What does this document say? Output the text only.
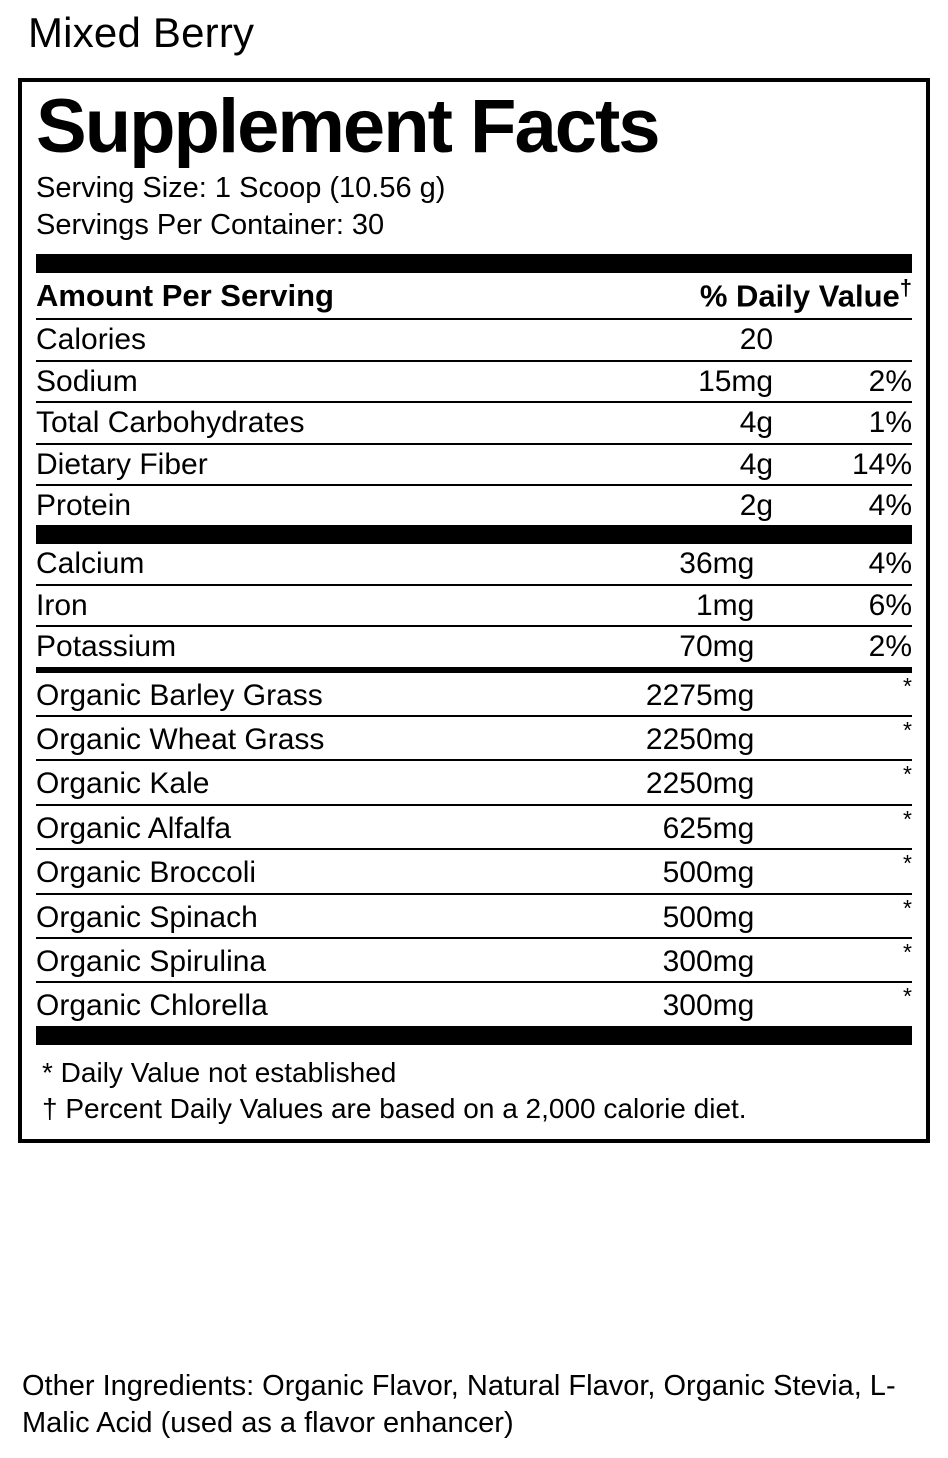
Mixed Berry
Supplement Facts
Serving Size: 1 Scoop (10.56 g)
Servings Per Container: 30
Amount Per Serving	% Daily Value†
Calories	20	
Sodium	15mg	2%
Total Carbohydrates	4g	1%
Dietary Fiber	4g	14%
Protein	2g	4%
Calcium	36mg	4%
Iron	1mg	6%
Potassium	70mg	2%
Organic Barley Grass	2275mg	*
Organic Wheat Grass	2250mg	*
Organic Kale	2250mg	*
Organic Alfalfa	625mg	*
Organic Broccoli	500mg	*
Organic Spinach	500mg	*
Organic Spirulina	300mg	*
Organic Chlorella	300mg	*
* Daily Value not established
† Percent Daily Values are based on a 2,000 calorie diet.
Other Ingredients: Organic Flavor, Natural Flavor, Organic Stevia, L-Malic Acid (used as a flavor enhancer)
